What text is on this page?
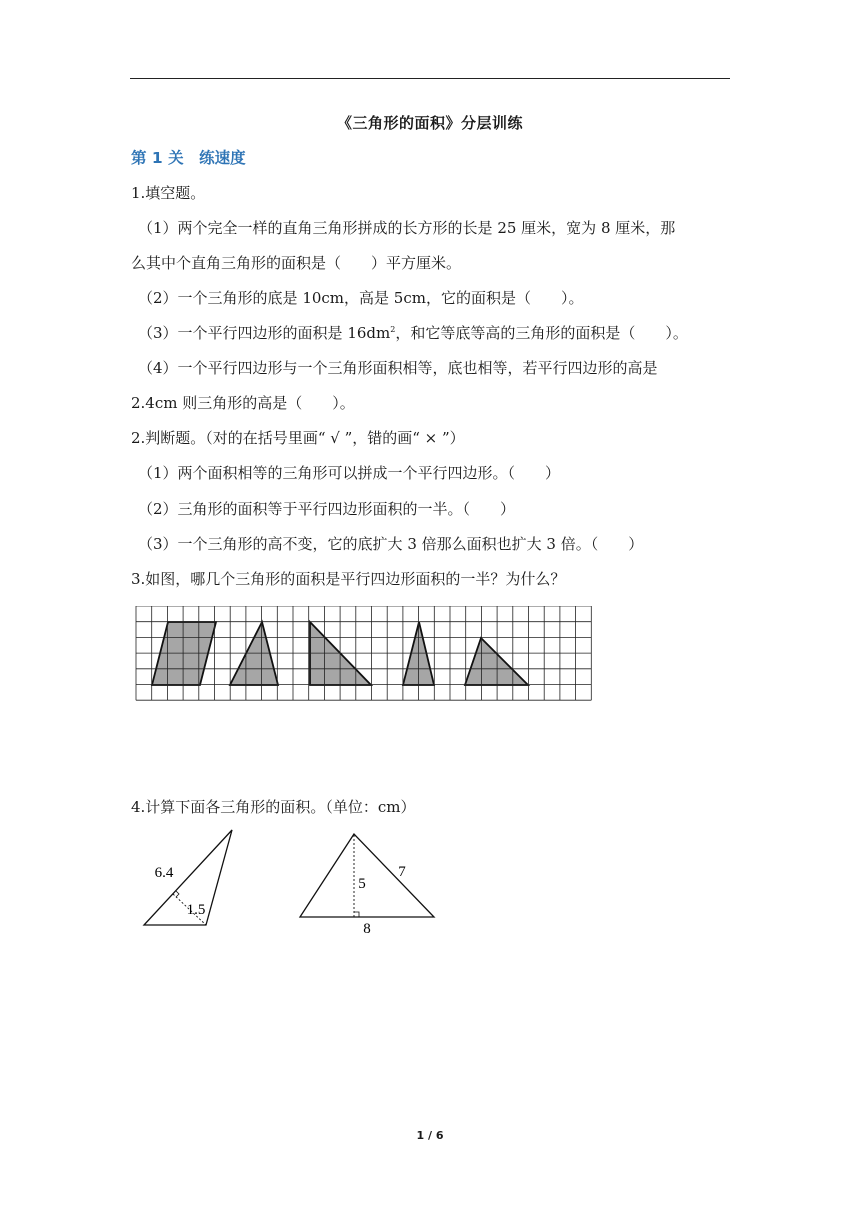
《三角形的面积》分层训练
第 1 关　练速度
1.填空题。
（1）两个完全一样的直角三角形拼成的长方形的长是 25 厘米，宽为 8 厘米，那
么其中个直角三角形的面积是（　　）平方厘米。
（2）一个三角形的底是 10cm，高是 5cm，它的面积是（　　）。
（3）一个平行四边形的面积是 $16dm^2$，和它等底等高的三角形的面积是（　　）。
（4）一个平行四边形与一个三角形面积相等，底也相等，若平行四边形的高是
2.4cm 则三角形的高是（　　）。
2.判断题。（对的在括号里画“ √ ”，错的画“ × ”）
（1）两个面积相等的三角形可以拼成一个平行四边形。（　　）
（2）三角形的面积等于平行四边形面积的一半。（　　）
（3）一个三角形的高不变，它的底扩大 3 倍那么面积也扩大 3 倍。（　　）
3.如图，哪几个三角形的面积是平行四边形面积的一半？为什么？
4.计算下面各三角形的面积。（单位：cm）
6.4
1.5
5
7
8
1 / 6
